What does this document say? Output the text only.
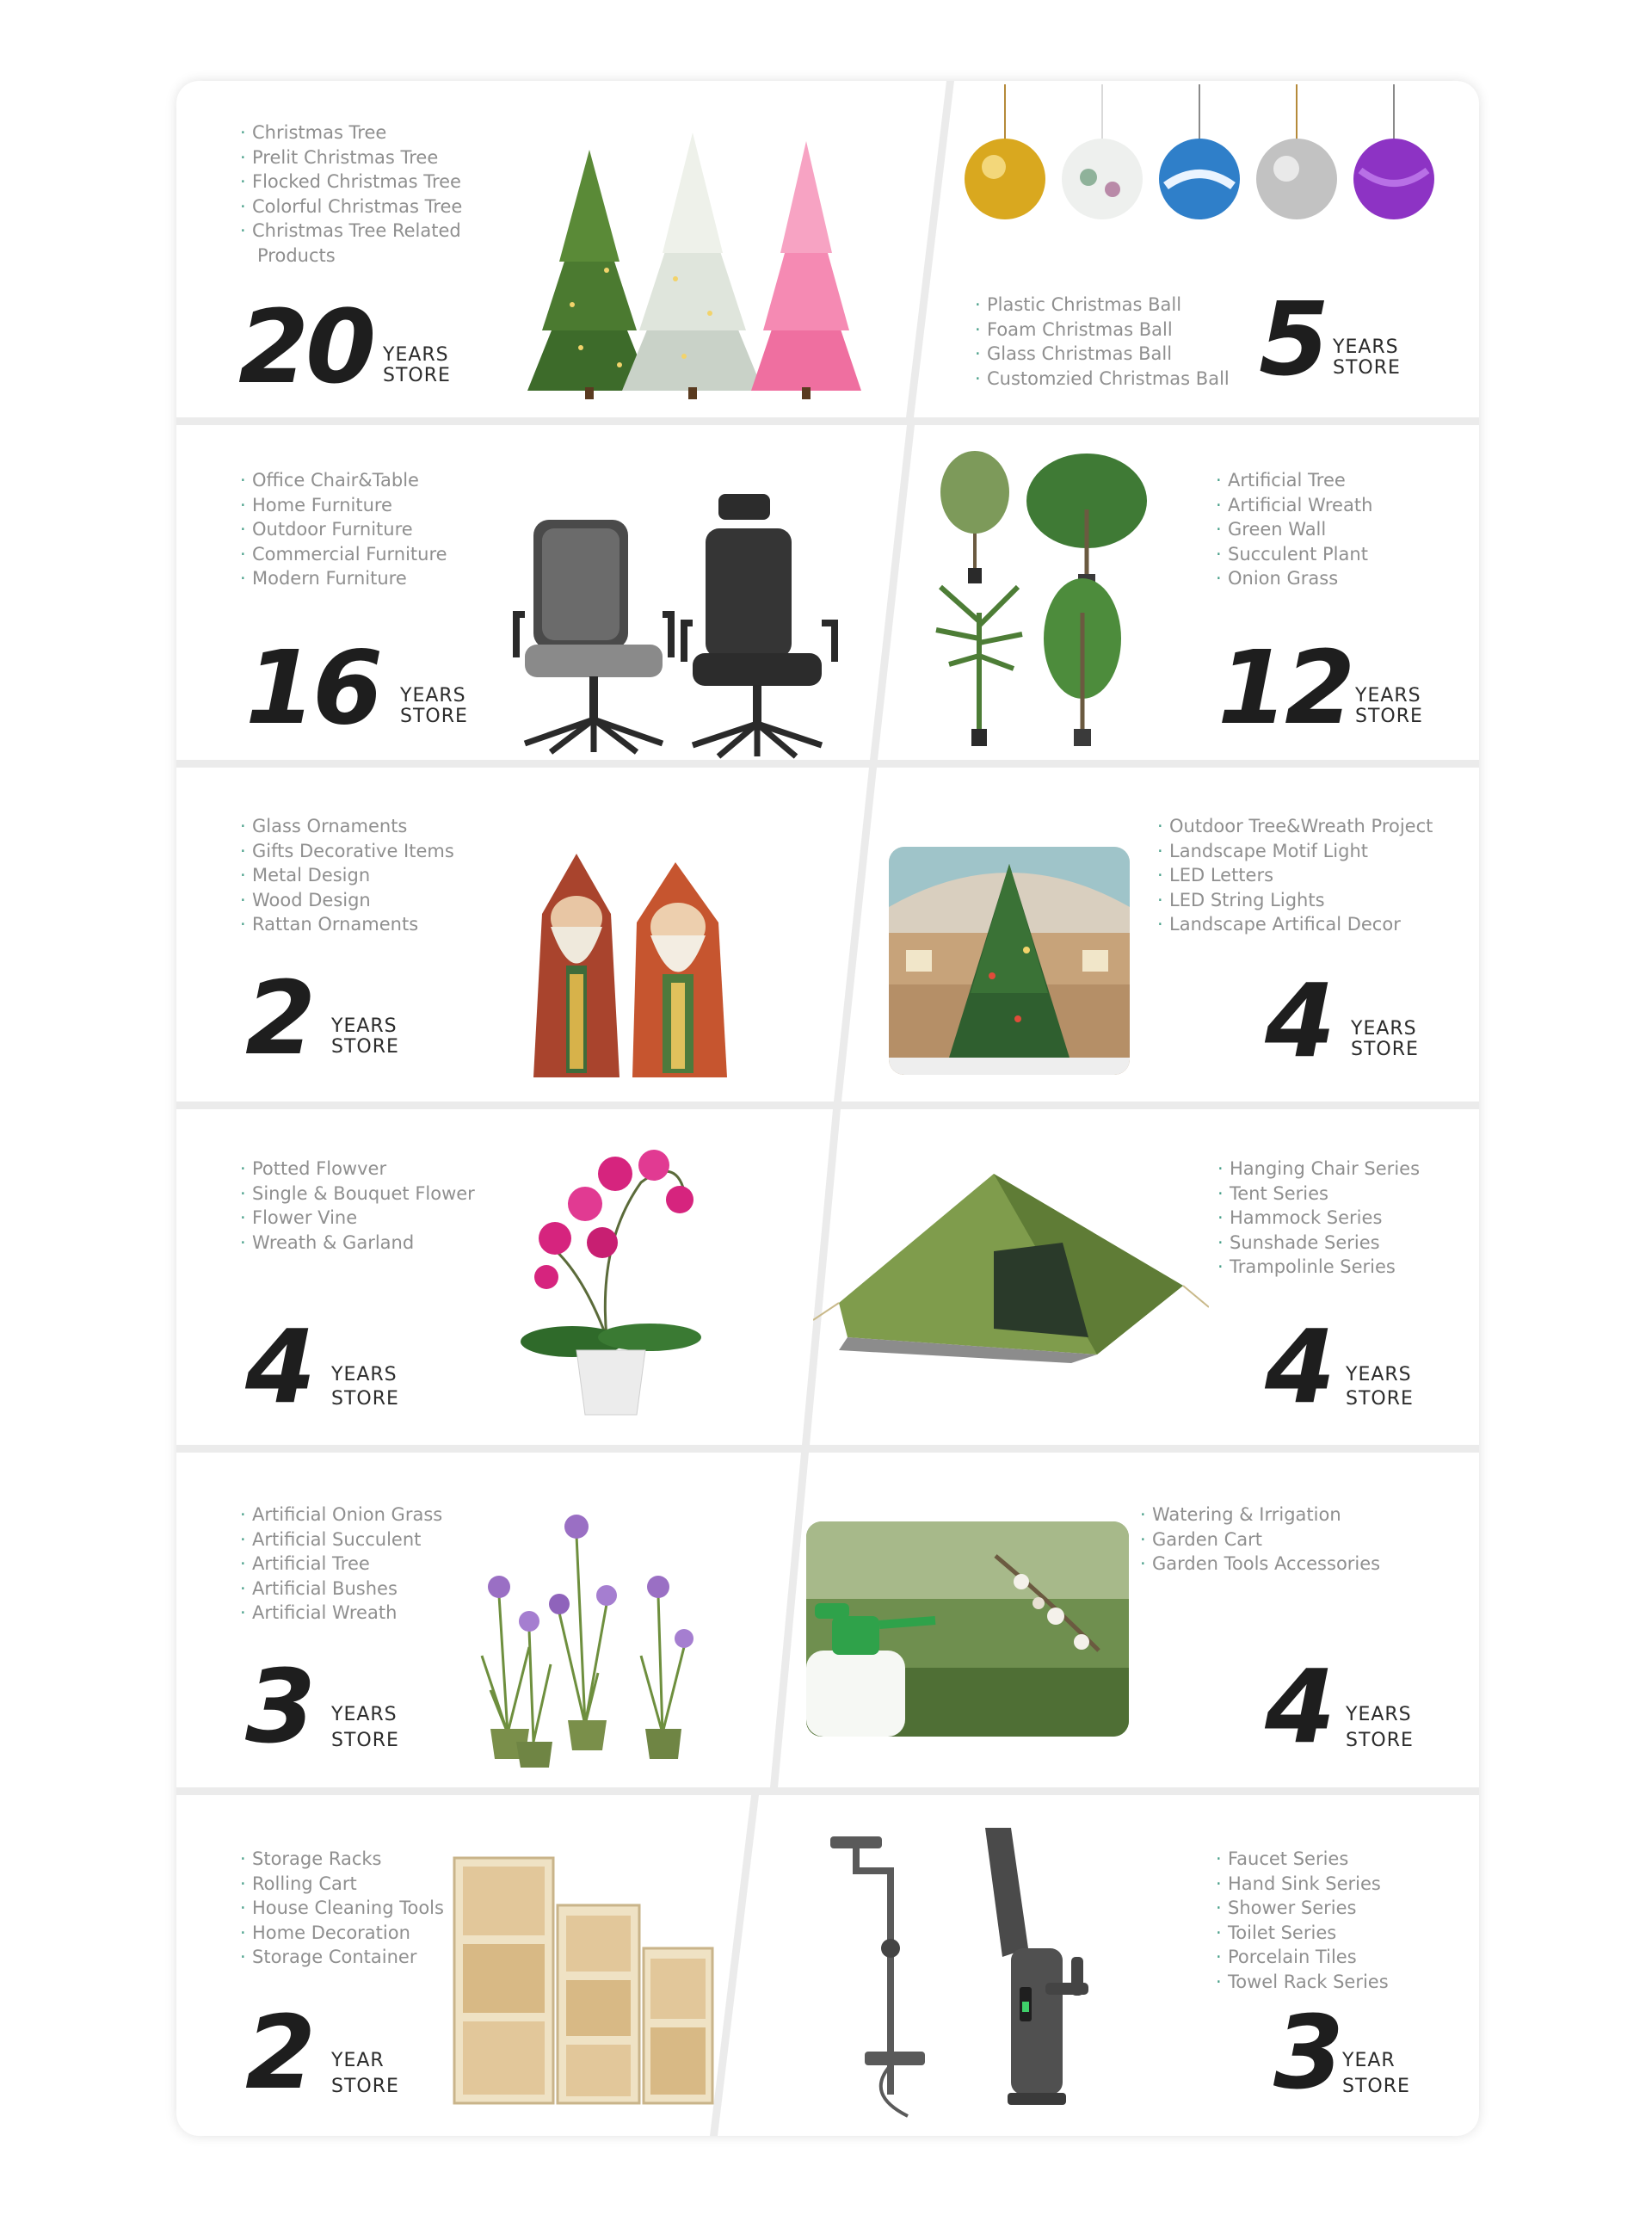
· Christmas Tree
· Prelit Christmas Tree
· Flocked Christmas Tree
· Colorful Christmas Tree
· Christmas Tree Related
Products
20 YEARS
STORE
· Plastic Christmas Ball
· Foam Christmas Ball
· Glass Christmas Ball
· Customzied Christmas Ball 5 YEARS
STORE
· Office Chair&Table
· Home Furniture
· Outdoor Furniture
· Commercial Furniture
· Modern Furniture
16 YEARS
STORE
· Artificial Tree
· Artificial Wreath
· Green Wall
· Succulent Plant
· Onion Grass
12 YEARS
STORE
· Glass Ornaments
· Gifts Decorative Items
· Metal Design
· Wood Design
· Rattan Ornaments
2 YEARS
STORE
· Outdoor Tree&Wreath Project
· Landscape Motif Light
· LED Letters
· LED String Lights
· Landscape Artifical Decor
4 YEARS
STORE
· Potted Flowver
· Single & Bouquet Flower
· Flower Vine
· Wreath & Garland
4 YEARS
STORE
· Hanging Chair Series
· Tent Series
· Hammock Series
· Sunshade Series
· Trampolinle Series
4 YEARS
STORE
· Artificial Onion Grass
· Artificial Succulent
· Artificial Tree
· Artificial Bushes
· Artificial Wreath
3 YEARS
STORE
· Watering & Irrigation
· Garden Cart
· Garden Tools Accessories
4 YEARS
STORE
· Storage Racks
· Rolling Cart
· House Cleaning Tools
· Home Decoration
· Storage Container
2 YEAR
STORE
· Faucet Series
· Hand Sink Series
· Shower Series
· Toilet Series
· Porcelain Tiles
· Towel Rack Series
3 YEAR
STORE
